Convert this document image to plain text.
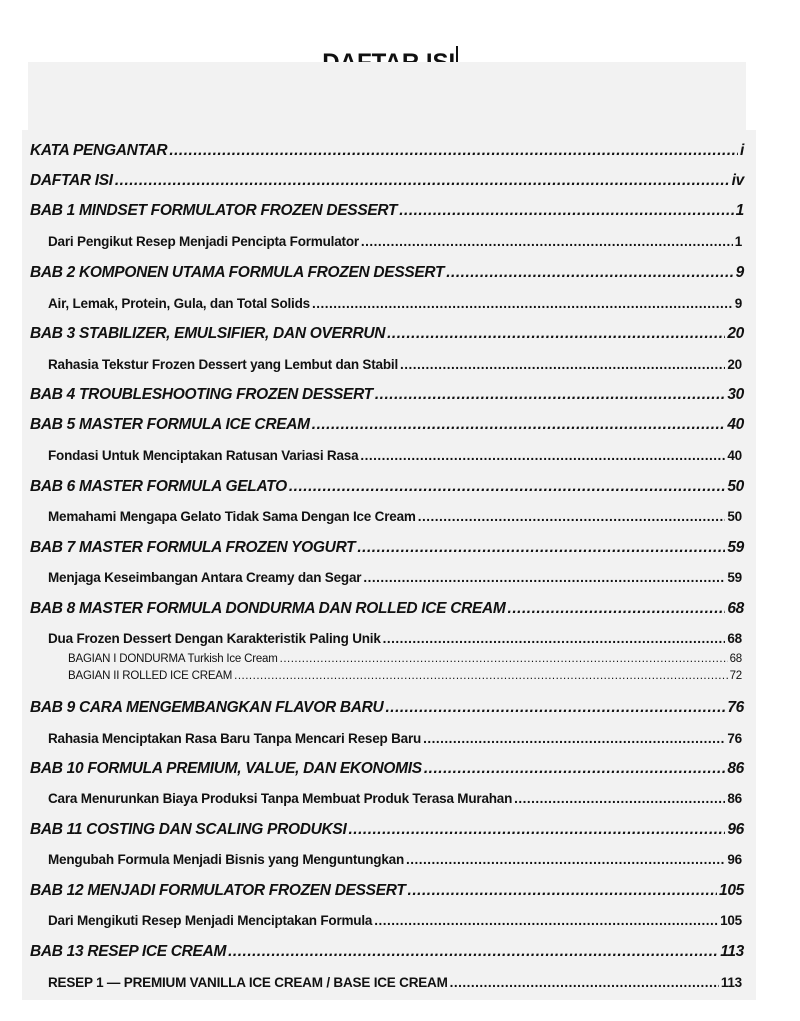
KATA PENGANTAR .....	i
DAFTAR ISI .....	iv
BAB 1 MINDSET FORMULATOR FROZEN DESSERT .....	1
Dari Pengikut Resep Menjadi Pencipta Formulator .....	1
BAB 2 KOMPONEN UTAMA FORMULA FROZEN DESSERT .....	9
Air, Lemak, Protein, Gula, dan Total Solids .....	9
BAB 3 STABILIZER, EMULSIFIER, DAN OVERRUN .....	20
Rahasia Tekstur Frozen Dessert yang Lembut dan Stabil .....	20
BAB 4 TROUBLESHOOTING FROZEN DESSERT .....	30
BAB 5 MASTER FORMULA ICE CREAM .....	40
Fondasi Untuk Menciptakan Ratusan Variasi Rasa .....	40
BAB 6 MASTER FORMULA GELATO .....	50
Memahami Mengapa Gelato Tidak Sama Dengan Ice Cream .....	50
BAB 7 MASTER FORMULA FROZEN YOGURT .....	59
Menjaga Keseimbangan Antara Creamy dan Segar .....	59
BAB 8 MASTER FORMULA DONDURMA DAN ROLLED ICE CREAM .....	68
Dua Frozen Dessert Dengan Karakteristik Paling Unik .....	68
BAGIAN I DONDURMA Turkish Ice Cream .....	68
BAGIAN II ROLLED ICE CREAM .....	72
BAB 9 CARA MENGEMBANGKAN FLAVOR BARU .....	76
Rahasia Menciptakan Rasa Baru Tanpa Mencari Resep Baru .....	76
BAB 10 FORMULA PREMIUM, VALUE, DAN EKONOMIS .....	86
Cara Menurunkan Biaya Produksi Tanpa Membuat Produk Terasa Murahan .....	86
BAB 11 COSTING DAN SCALING PRODUKSI .....	96
Mengubah Formula Menjadi Bisnis yang Menguntungkan .....	96
BAB 12 MENJADI FORMULATOR FROZEN DESSERT .....	105
Dari Mengikuti Resep Menjadi Menciptakan Formula .....	105
BAB 13 RESEP ICE CREAM .....	113
RESEP 1 — PREMIUM VANILLA ICE CREAM / BASE ICE CREAM .....	113
